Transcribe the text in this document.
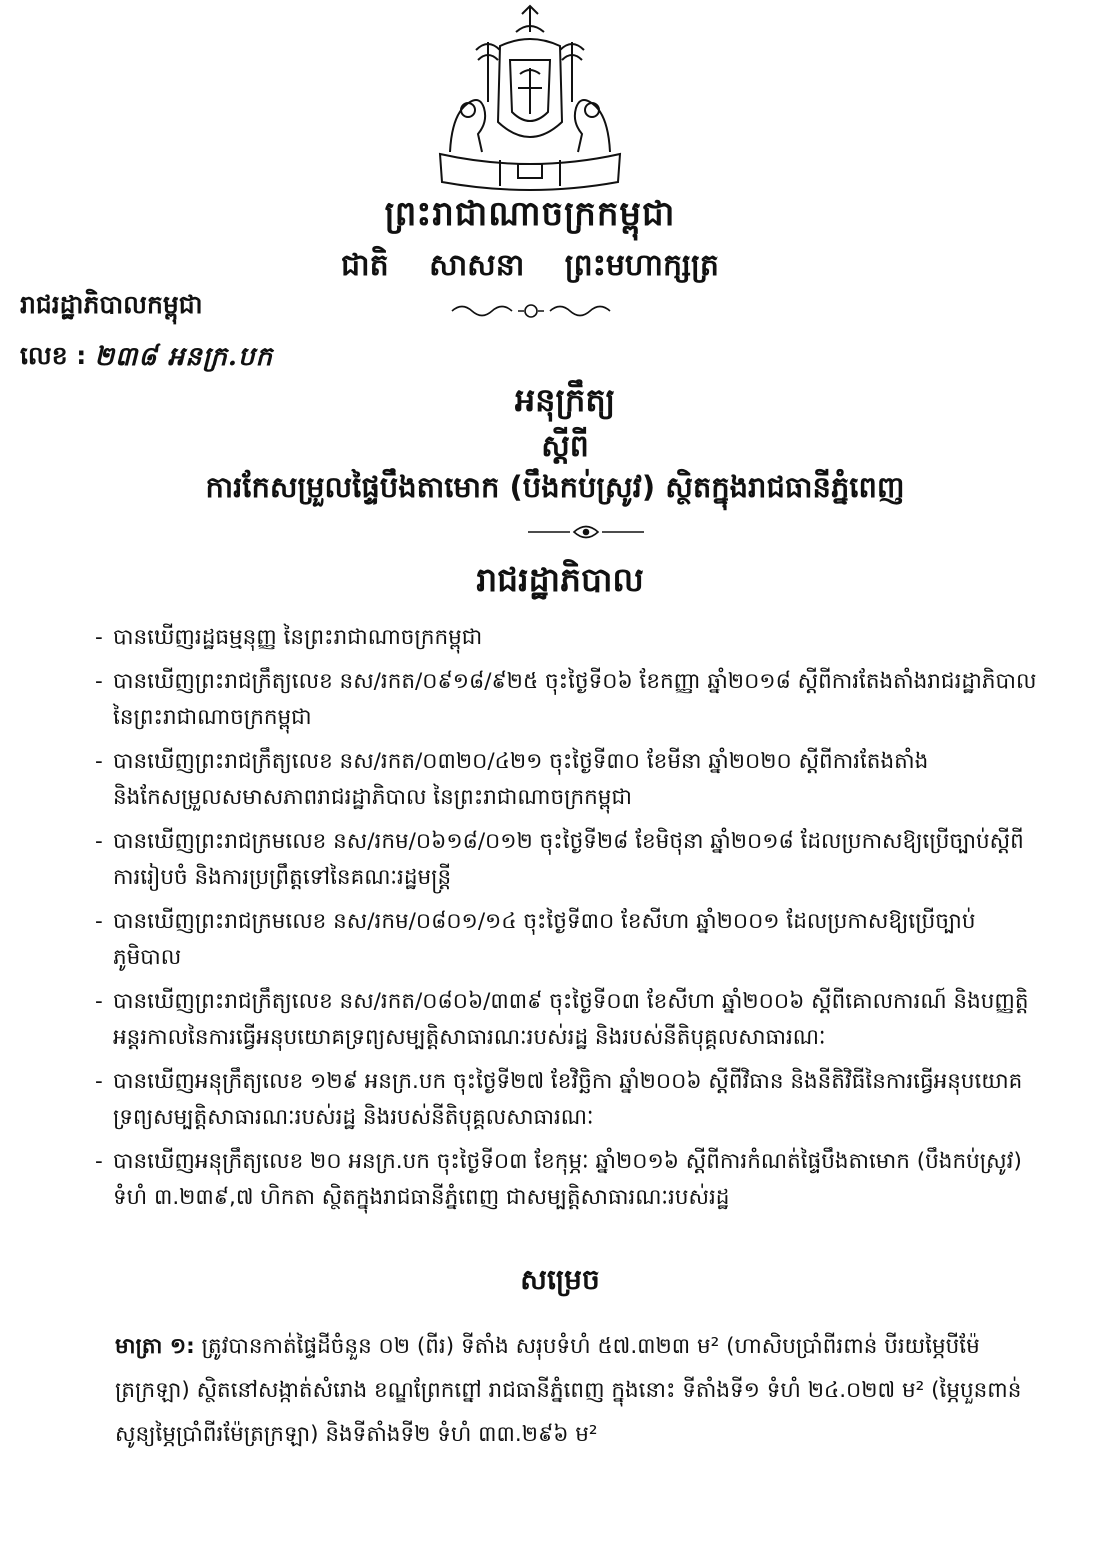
ព្រះរាជាណាចក្រកម្ពុជា
ជាតិ សាសនា ព្រះមហាក្សត្រ
រាជរដ្ឋាភិបាលកម្ពុជា
លេខ : ២៣៨ អនក្រ.បក
អនុក្រឹត្យ
ស្តីពី
ការកែសម្រួលផ្ទៃបឹងតាមោក (បឹងកប់ស្រូវ) ស្ថិតក្នុងរាជធានីភ្នំពេញ
រាជរដ្ឋាភិបាល
- បានឃើញរដ្ឋធម្មនុញ្ញ នៃព្រះរាជាណាចក្រកម្ពុជា
- បានឃើញព្រះរាជក្រឹត្យលេខ នស/រកត/០៩១៨/៩២៥ ចុះថ្ងៃទី០៦ ខែកញ្ញា ឆ្នាំ២០១៨ ស្តីពីការតែងតាំងរាជរដ្ឋាភិបាល នៃព្រះរាជាណាចក្រកម្ពុជា
- បានឃើញព្រះរាជក្រឹត្យលេខ នស/រកត/០៣២០/៤២១ ចុះថ្ងៃទី៣០ ខែមីនា ឆ្នាំ២០២០ ស្តីពីការតែងតាំង និងកែសម្រួលសមាសភាពរាជរដ្ឋាភិបាល នៃព្រះរាជាណាចក្រកម្ពុជា
- បានឃើញព្រះរាជក្រមលេខ នស/រកម/០៦១៨/០១២ ចុះថ្ងៃទី២៨ ខែមិថុនា ឆ្នាំ២០១៨ ដែលប្រកាសឱ្យប្រើច្បាប់ស្តីពីការរៀបចំ និងការប្រព្រឹត្តទៅនៃគណៈរដ្ឋមន្ត្រី
- បានឃើញព្រះរាជក្រមលេខ នស/រកម/០៨០១/១៤ ចុះថ្ងៃទី៣០ ខែសីហា ឆ្នាំ២០០១ ដែលប្រកាសឱ្យប្រើច្បាប់ភូមិបាល
- បានឃើញព្រះរាជក្រឹត្យលេខ នស/រកត/០៨០៦/៣៣៩ ចុះថ្ងៃទី០៣ ខែសីហា ឆ្នាំ២០០៦ ស្តីពីគោលការណ៍ និងបញ្ញត្តិអន្តរកាលនៃការធ្វើអនុបយោគទ្រព្យសម្បត្តិសាធារណៈរបស់រដ្ឋ និងរបស់នីតិបុគ្គលសាធារណៈ
- បានឃើញអនុក្រឹត្យលេខ ១២៩ អនក្រ.បក ចុះថ្ងៃទី២៧ ខែវិច្ឆិកា ឆ្នាំ២០០៦ ស្តីពីវិធាន និងនីតិវិធីនៃការធ្វើអនុបយោគទ្រព្យសម្បត្តិសាធារណៈរបស់រដ្ឋ និងរបស់នីតិបុគ្គលសាធារណៈ
- បានឃើញអនុក្រឹត្យលេខ ២០ អនក្រ.បក ចុះថ្ងៃទី០៣ ខែកុម្ភៈ ឆ្នាំ២០១៦ ស្តីពីការកំណត់ផ្ទៃបឹងតាមោក (បឹងកប់ស្រូវ) ទំហំ ៣.២៣៩,៧ ហិកតា ស្ថិតក្នុងរាជធានីភ្នំពេញ ជាសម្បត្តិសាធារណៈរបស់រដ្ឋ
សម្រេច
មាត្រា ១: ត្រូវបានកាត់ផ្ទៃដីចំនួន ០២ (ពីរ) ទីតាំង សរុបទំហំ ៥៧.៣២៣ ម² (ហាសិបប្រាំពីរពាន់ បីរយម្ភៃបីម៉ែត្រក្រឡា) ស្ថិតនៅសង្កាត់សំរោង ខណ្ឌព្រែកព្នៅ រាជធានីភ្នំពេញ ក្នុងនោះ ទីតាំងទី១ ទំហំ ២៤.០២៧ ម² (ម្ភៃបួនពាន់ សូន្យម្ភៃប្រាំពីរម៉ែត្រក្រឡា) និងទីតាំងទី២ ទំហំ ៣៣.២៩៦ ម²
